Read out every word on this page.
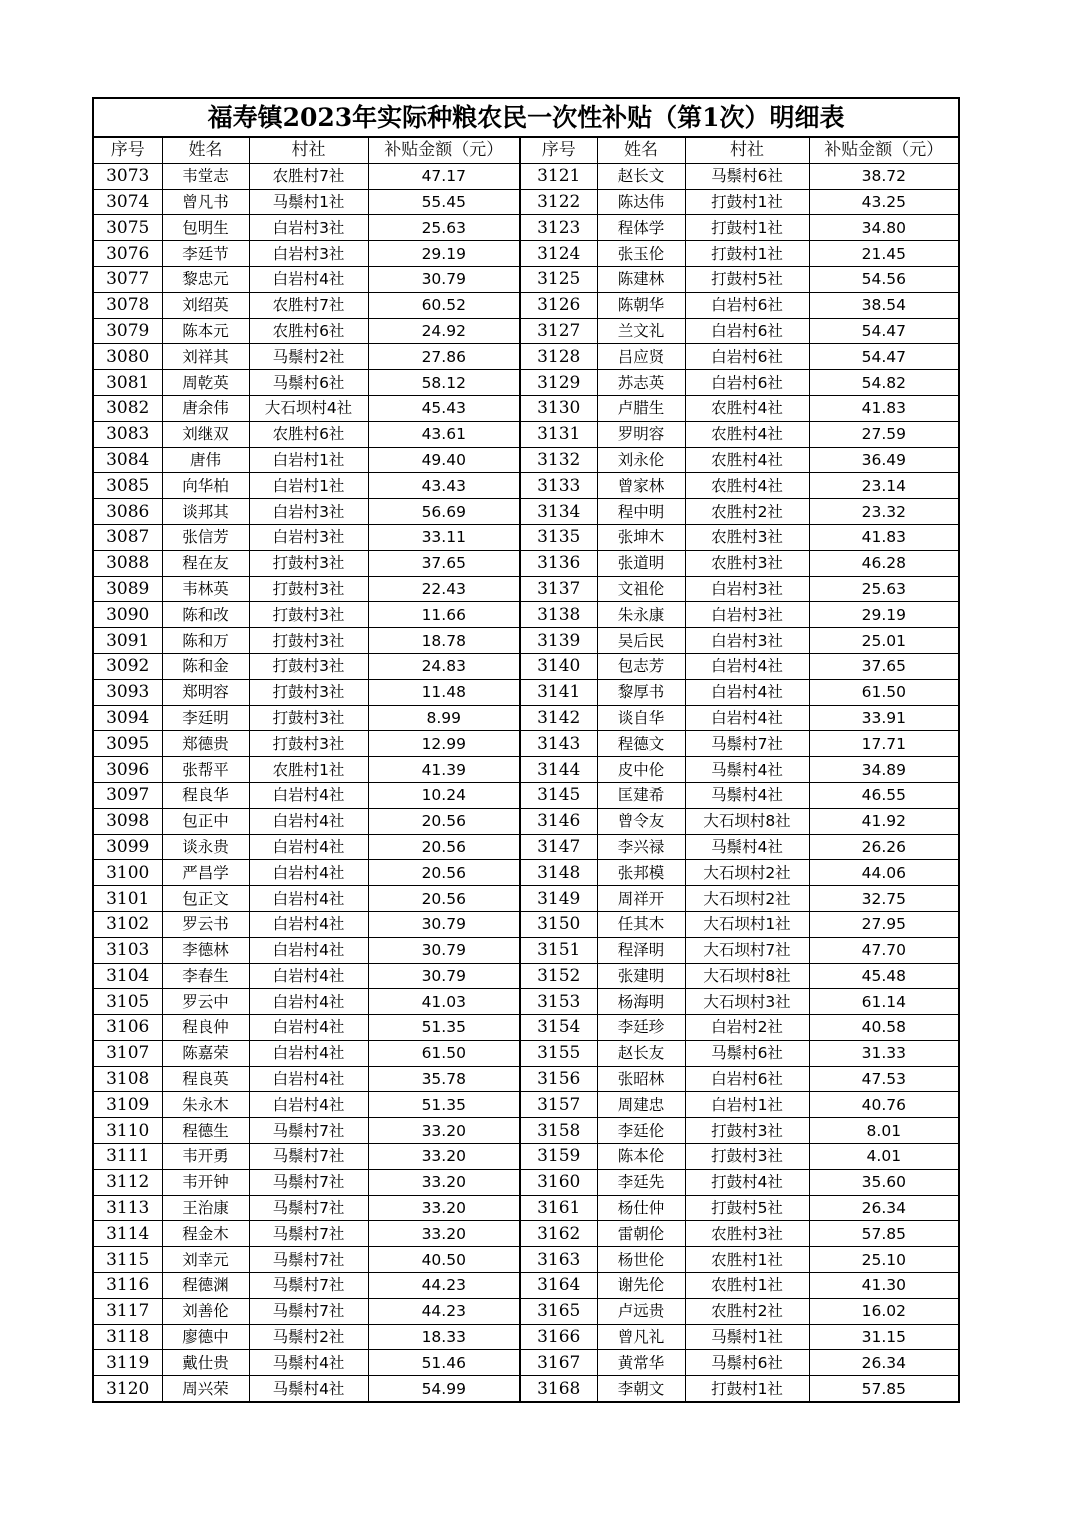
福寿镇2023年实际种粮农民一次性补贴（第1次）明细表							
序号	姓名	村社	补贴金额（元）	序号	姓名	村社	补贴金额（元）
3073	韦堂志	农胜村7社	47.17	3121	赵长文	马鬃村6社	38.72
3074	曾凡书	马鬃村1社	55.45	3122	陈达伟	打鼓村1社	43.25
3075	包明生	白岩村3社	25.63	3123	程体学	打鼓村1社	34.80
3076	李廷节	白岩村3社	29.19	3124	张玉伦	打鼓村1社	21.45
3077	黎忠元	白岩村4社	30.79	3125	陈建林	打鼓村5社	54.56
3078	刘绍英	农胜村7社	60.52	3126	陈朝华	白岩村6社	38.54
3079	陈本元	农胜村6社	24.92	3127	兰文礼	白岩村6社	54.47
3080	刘祥其	马鬃村2社	27.86	3128	吕应贤	白岩村6社	54.47
3081	周乾英	马鬃村6社	58.12	3129	苏志英	白岩村6社	54.82
3082	唐余伟	大石坝村4社	45.43	3130	卢腊生	农胜村4社	41.83
3083	刘继双	农胜村6社	43.61	3131	罗明容	农胜村4社	27.59
3084	唐伟	白岩村1社	49.40	3132	刘永伦	农胜村4社	36.49
3085	向华柏	白岩村1社	43.43	3133	曾家林	农胜村4社	23.14
3086	谈邦其	白岩村3社	56.69	3134	程中明	农胜村2社	23.32
3087	张信芳	白岩村3社	33.11	3135	张坤木	农胜村3社	41.83
3088	程在友	打鼓村3社	37.65	3136	张道明	农胜村3社	46.28
3089	韦林英	打鼓村3社	22.43	3137	文祖伦	白岩村3社	25.63
3090	陈和改	打鼓村3社	11.66	3138	朱永康	白岩村3社	29.19
3091	陈和万	打鼓村3社	18.78	3139	吴后民	白岩村3社	25.01
3092	陈和金	打鼓村3社	24.83	3140	包志芳	白岩村4社	37.65
3093	郑明容	打鼓村3社	11.48	3141	黎厚书	白岩村4社	61.50
3094	李廷明	打鼓村3社	8.99	3142	谈自华	白岩村4社	33.91
3095	郑德贵	打鼓村3社	12.99	3143	程德文	马鬃村7社	17.71
3096	张帮平	农胜村1社	41.39	3144	皮中伦	马鬃村4社	34.89
3097	程良华	白岩村4社	10.24	3145	匡建希	马鬃村4社	46.55
3098	包正中	白岩村4社	20.56	3146	曾令友	大石坝村8社	41.92
3099	谈永贵	白岩村4社	20.56	3147	李兴禄	马鬃村4社	26.26
3100	严昌学	白岩村4社	20.56	3148	张邦模	大石坝村2社	44.06
3101	包正文	白岩村4社	20.56	3149	周祥开	大石坝村2社	32.75
3102	罗云书	白岩村4社	30.79	3150	任其木	大石坝村1社	27.95
3103	李德林	白岩村4社	30.79	3151	程泽明	大石坝村7社	47.70
3104	李春生	白岩村4社	30.79	3152	张建明	大石坝村8社	45.48
3105	罗云中	白岩村4社	41.03	3153	杨海明	大石坝村3社	61.14
3106	程良仲	白岩村4社	51.35	3154	李廷珍	白岩村2社	40.58
3107	陈嘉荣	白岩村4社	61.50	3155	赵长友	马鬃村6社	31.33
3108	程良英	白岩村4社	35.78	3156	张昭林	白岩村6社	47.53
3109	朱永木	白岩村4社	51.35	3157	周建忠	白岩村1社	40.76
3110	程德生	马鬃村7社	33.20	3158	李廷伦	打鼓村3社	8.01
3111	韦开勇	马鬃村7社	33.20	3159	陈本伦	打鼓村3社	4.01
3112	韦开钟	马鬃村7社	33.20	3160	李廷先	打鼓村4社	35.60
3113	王治康	马鬃村7社	33.20	3161	杨仕仲	打鼓村5社	26.34
3114	程金木	马鬃村7社	33.20	3162	雷朝伦	农胜村3社	57.85
3115	刘幸元	马鬃村7社	40.50	3163	杨世伦	农胜村1社	25.10
3116	程德渊	马鬃村7社	44.23	3164	谢先伦	农胜村1社	41.30
3117	刘善伦	马鬃村7社	44.23	3165	卢远贵	农胜村2社	16.02
3118	廖德中	马鬃村2社	18.33	3166	曾凡礼	马鬃村1社	31.15
3119	戴仕贵	马鬃村4社	51.46	3167	黄常华	马鬃村6社	26.34
3120	周兴荣	马鬃村4社	54.99	3168	李朝文	打鼓村1社	57.85
